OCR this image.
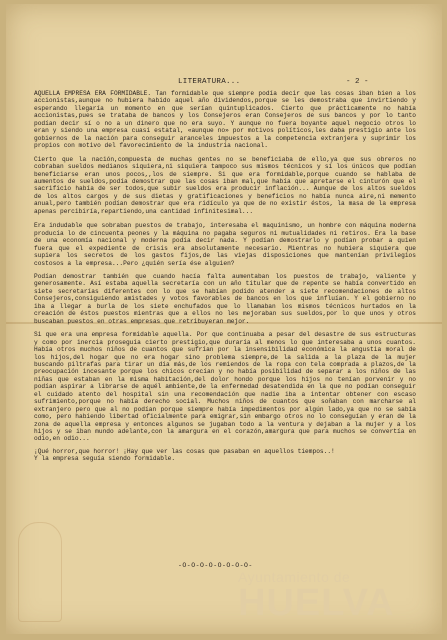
LITERATURA...	- 2 -

AQUELLA EMPRESA ERA FORMIDABLE. Tan formidable que siempre podía decir que las cosas iban bien a los accionistas,aunque no hubiera habido aquel año dividendos,porque se les demostraba que invirtiendo y esperando llegaría un momento en que serían quintuplicados. Cierto que prácticamente no había accionistas,pues se trataba de bancos y los Consejeros eran Consejeros de sus bancos y por lo tanto podían decir sí o no a un dinero que no era suyo. Y aunque no fuera boyante aquel negocio otros lo eran y siendo una empresa cuasi estatal, «aunque no» por motivos políticos,les daba prestigio ante los gobiernos de la nación para conseguir aranceles impuestos a la competencia extranjera y suprimir los propios con motivo del favorecimiento de la industria nacional.

Cierto que la nación,compuesta de muchas gentes no se beneficiaba de ello,ya que sus obreros no cobraban sueldos medianos siquiera,ni siquiera tampoco sus mismos técnicos y sí los únicos que podían beneficiarse eran unos pocos,,los de siempre. Si que era formidable,porque cuando se hablaba de aumentos de sueldos,podía demostrar que las cosas iban mal,que había que apretarse el cinturón que el sacrificio había de ser todos,que subir sueldos era producir inflación... Aunque de los altos sueldos de los altos cargos y de sus dietas y gratificaciones y beneficios no había nunca aire,ni memento anual,pero también podían demostrar que era ridículo ya que de no existir éstos, la masa de la empresa apenas percibiría,repartiendo,una cantidad infinitesimal...

Era indudable que sobraban puestos de trabajo, interesaba el maquinismo, un hombre con máquina moderna producía lo de cincuenta peones y la máquina no pagaba seguros ni mutualidades ni retiros. Era la base de una economía nacional y moderna podía decir nada. Y podían demostrarlo y podían probar a quien fuera que el expediente de crisis era absolutamente necesario. Mientras no hubiera siquiera que supiera los secretos de los gastos fijos,de las viejas disposiciones que mantenían privilegios costosos a la empresa...Pero ¿quién sería ése alguien?

Podían demostrar también que cuando hacía falta aumentaban los puestos de trabajo, valiente y generosamente. Así estaba aquella secretaría con un año titular que de repente se había convertido en siete secretarías diferentes con lo que se habían podido atender a siete recomendaciones de altos Consejeros,consiguiendo amistades y votos favorables de bancos en los que influían. Y el gobierno no iba a llegar a burla de los siete enchufados que lo llamaban los mismos técnicos hurtados en la creación de éstos puestos mientras que a ellos no les mejoraban sus sueldos,por lo que unos y otros buscaban puestos en otras empresas que retribuyeran mejor.

Si que era una empresa formidable aquella. Por que continuaba a pesar del desastre de sus estructuras y como por inercia proseguía cierto prestigio,que duraría al menos lo que interesaba a unos cuantos. Había otros muchos niños de cuantos que sufrían por la insensibilidad económica la angustia moral de los hijos,del hogar que no era hogar sino problema siempre,de la salida a la plaza de la mujer buscando piltrafas para tirar un día más,de los remiendos de la ropa con tela comprada a plazos,de la preocupación incesante porque los chicos crecían y no había posibilidad de separar a los niños de las niñas que estaban en la misma habitación,del dolor hondo porque los hijos no tenían porvenir y no podían aspirar a librarse de aquél ambiente,de la enfermedad desatendida en la que no podían conseguir el cuidado atento del hospital sin una recomendación que nadie iba a intentar obtener con escaso sufrimiento,porque no había derecho social. Muchos niños de cuantos que soñaban con marcharse al extranjero pero que al no podían porque siempre había impedimentos por algún lado,ya que no se sabía como, pero habiendo libertad oficialmente para emigrar,sin embargo otros no lo conseguían y eran de la zona de aquella empresa y entonces algunos se jugaban todo a la ventura y dejaban a la mujer y a los hijos y se iban mundo adelante,con la amargura en el corazón,amargura que para muchos se convertía en odio,en odio...

¡Qué horror,que horror! ¡Hay que ver las cosas que pasaban en aquellos tiempos..!
Y la empresa seguía siendo formidable.
-O-O-O-O-O-O-O-O-
Ayuntamiento de
HUELVA
